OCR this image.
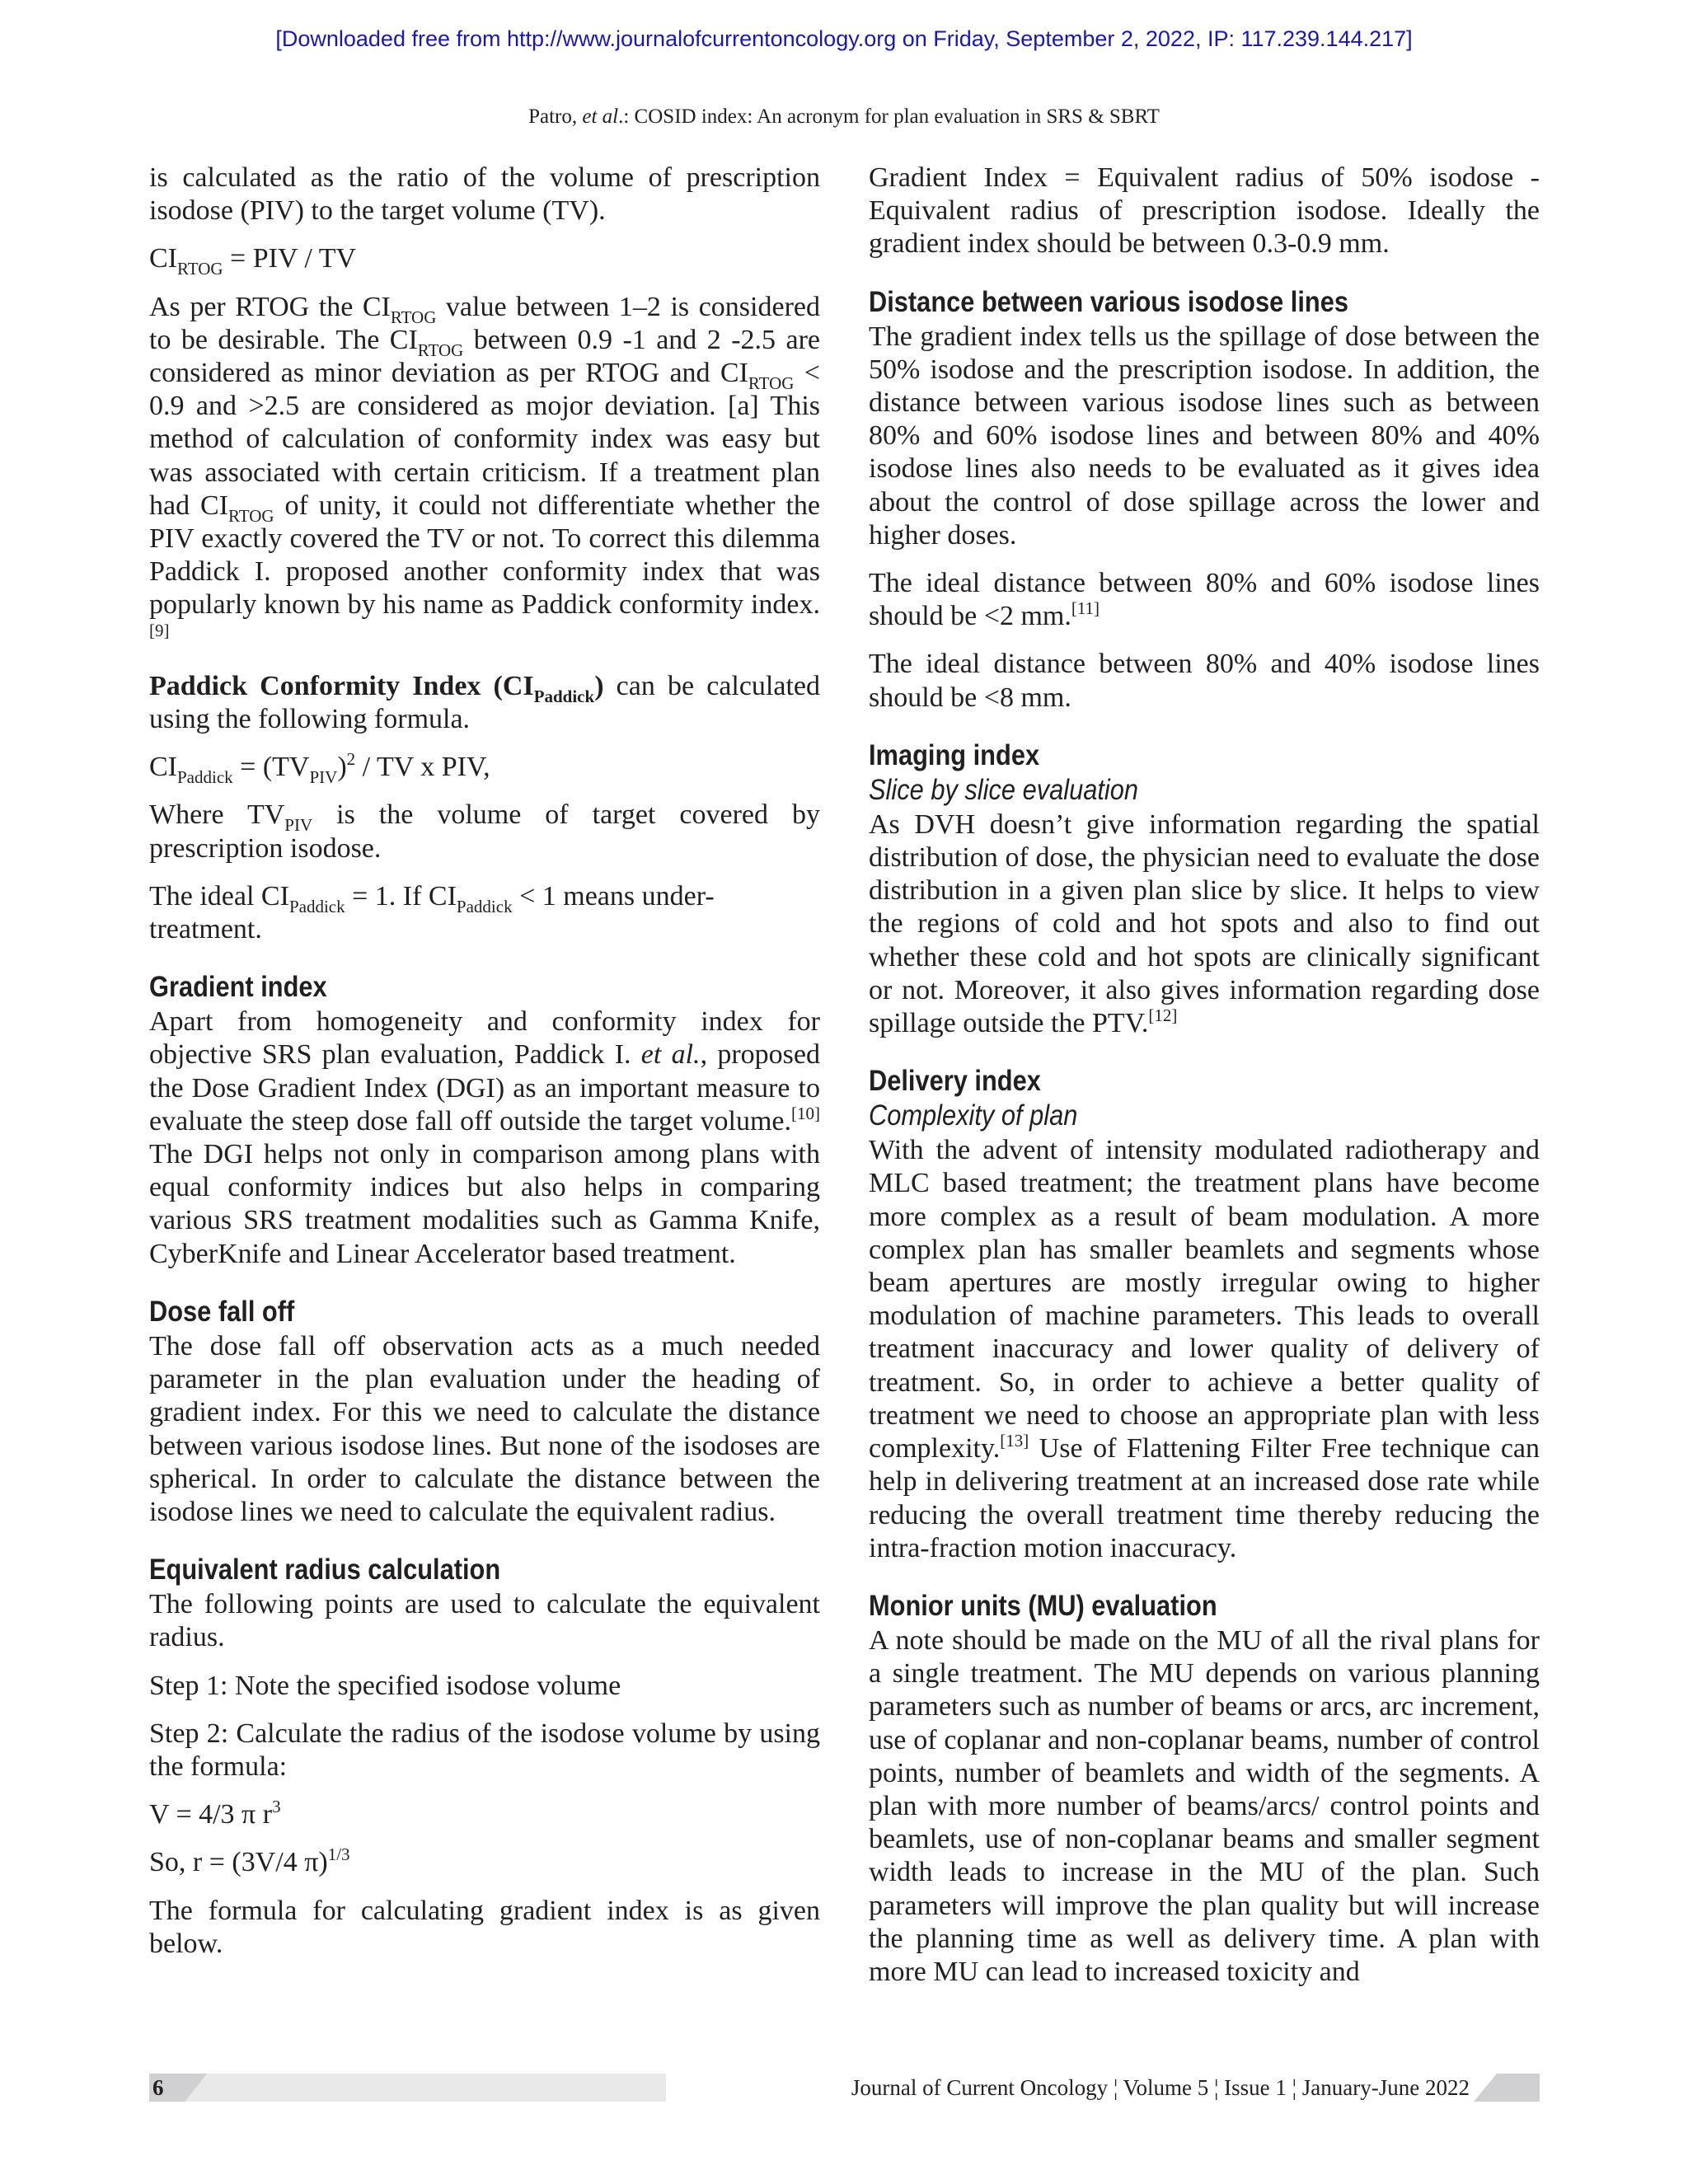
[Downloaded free from http://www.journalofcurrentoncology.org on Friday, September 2, 2022, IP: 117.239.144.217]
Patro, et al.: COSID index: An acronym for plan evaluation in SRS & SBRT

is calculated as the ratio of the volume of prescription isodose (PIV) to the target volume (TV).

$CI_{RTOG}$ = PIV / TV

As per RTOG the $CI_{RTOG}$ value between 1–2 is considered to be desirable. The $CI_{RTOG}$ between 0.9 -1 and 2 -2.5 are considered as minor deviation as per RTOG and $CI_{RTOG} < 0.9$ and >2.5 are considered as mojor deviation. [a] This method of calculation of conformity index was easy but was associated with certain criticism. If a treatment plan had $CI_{RTOG}$ of unity, it could not differentiate whether the PIV exactly covered the TV or not. To correct this dilemma Paddick I. proposed another conformity index that was popularly known by his name as Paddick conformity index.[9]

Paddick Conformity Index $(CI_{Paddick})$ can be calculated using the following formula.

$CI_{Paddick} = (TV_{PIV})^2$ / TV x PIV,

Where $TV_{PIV}$ is the volume of target covered by prescription isodose.

The ideal $CI_{Paddick} = 1$. If $CI_{Paddick} < 1$ means under-treatment.

Gradient index

Apart from homogeneity and conformity index for objective SRS plan evaluation, Paddick I. et al., proposed the Dose Gradient Index (DGI) as an important measure to evaluate the steep dose fall off outside the target volume.[10] The DGI helps not only in comparison among plans with equal conformity indices but also helps in comparing various SRS treatment modalities such as Gamma Knife, CyberKnife and Linear Accelerator based treatment.

Dose fall off

The dose fall off observation acts as a much needed parameter in the plan evaluation under the heading of gradient index. For this we need to calculate the distance between various isodose lines. But none of the isodoses are spherical. In order to calculate the distance between the isodose lines we need to calculate the equivalent radius.

Equivalent radius calculation

The following points are used to calculate the equivalent radius.

Step 1: Note the specified isodose volume

Step 2: Calculate the radius of the isodose volume by using the formula:

V = 4/3 π $r^3$

So, r = (3V/4 π)$^{1/3}$

The formula for calculating gradient index is as given below.

Gradient Index = Equivalent radius of 50% isodose - Equivalent radius of prescription isodose. Ideally the gradient index should be between 0.3-0.9 mm.

Distance between various isodose lines

The gradient index tells us the spillage of dose between the 50% isodose and the prescription isodose. In addition, the distance between various isodose lines such as between 80% and 60% isodose lines and between 80% and 40% isodose lines also needs to be evaluated as it gives idea about the control of dose spillage across the lower and higher doses.

The ideal distance between 80% and 60% isodose lines should be <2 mm.[11]

The ideal distance between 80% and 40% isodose lines should be <8 mm.

Imaging index
Slice by slice evaluation

As DVH doesn’t give information regarding the spatial distribution of dose, the physician need to evaluate the dose distribution in a given plan slice by slice. It helps to view the regions of cold and hot spots and also to find out whether these cold and hot spots are clinically significant or not. Moreover, it also gives information regarding dose spillage outside the PTV.[12]

Delivery index
Complexity of plan

With the advent of intensity modulated radiotherapy and MLC based treatment; the treatment plans have become more complex as a result of beam modulation. A more complex plan has smaller beamlets and segments whose beam apertures are mostly irregular owing to higher modulation of machine parameters. This leads to overall treatment inaccuracy and lower quality of delivery of treatment. So, in order to achieve a better quality of treatment we need to choose an appropriate plan with less complexity.[13] Use of Flattening Filter Free technique can help in delivering treatment at an increased dose rate while reducing the overall treatment time thereby reducing the intra-fraction motion inaccuracy.

Monior units (MU) evaluation

A note should be made on the MU of all the rival plans for a single treatment. The MU depends on various planning parameters such as number of beams or arcs, arc increment, use of coplanar and non-coplanar beams, number of control points, number of beamlets and width of the segments. A plan with more number of beams/arcs/ control points and beamlets, use of non-coplanar beams and smaller segment width leads to increase in the MU of the plan. Such parameters will improve the plan quality but will increase the planning time as well as delivery time. A plan with more MU can lead to increased toxicity and

6	Journal of Current Oncology ¦ Volume 5 ¦ Issue 1 ¦ January-June 2022
